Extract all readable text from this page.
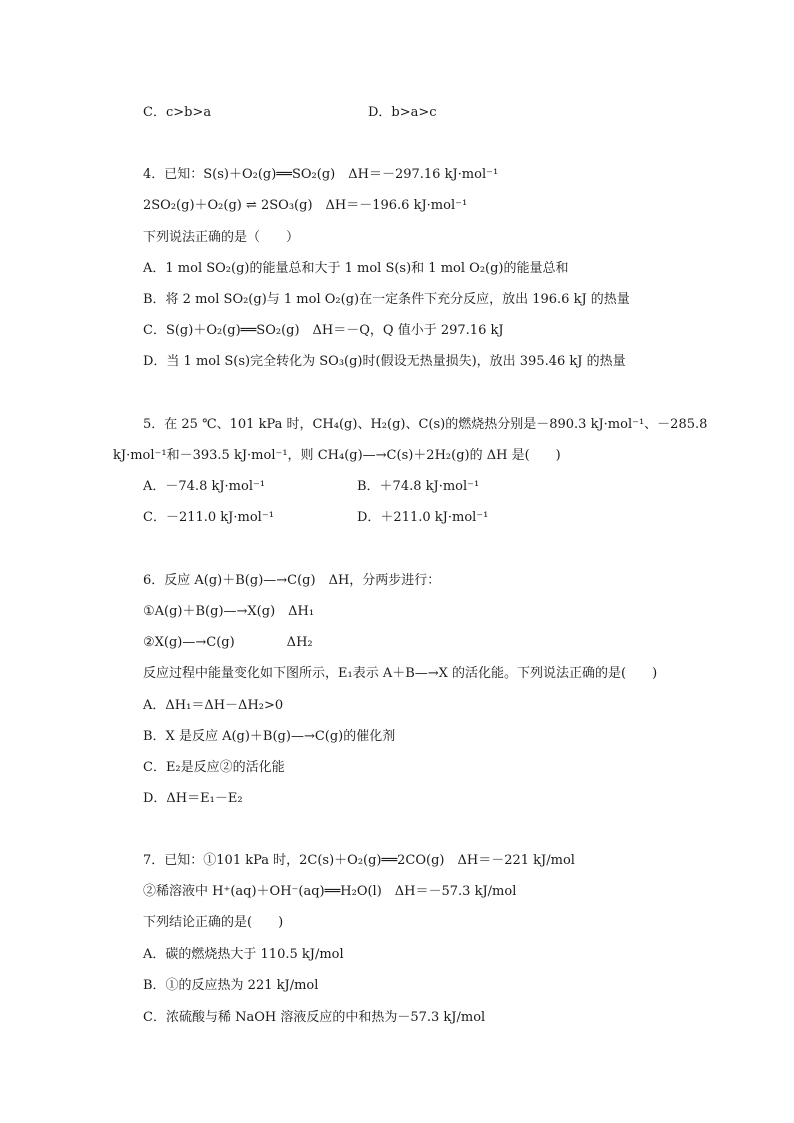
C．c>b>a	D．b>a>c
4．已知：S(s)＋O₂(g)══SO₂(g)　ΔH＝－297.16 kJ·mol⁻¹
2SO₂(g)＋O₂(g) ⇌ 2SO₃(g)　ΔH＝－196.6 kJ·mol⁻¹
下列说法正确的是（　　）
A．1 mol SO₂(g)的能量总和大于 1 mol S(s)和 1 mol O₂(g)的能量总和
B．将 2 mol SO₂(g)与 1 mol O₂(g)在一定条件下充分反应，放出 196.6 kJ 的热量
C．S(g)＋O₂(g)══SO₂(g)　ΔH＝－Q，Q 值小于 297.16 kJ
D．当 1 mol S(s)完全转化为 SO₃(g)时(假设无热量损失)，放出 395.46 kJ 的热量
5．在 25 ℃、101 kPa 时，CH₄(g)、H₂(g)、C(s)的燃烧热分别是－890.3 kJ·mol⁻¹、－285.8
kJ·mol⁻¹和－393.5 kJ·mol⁻¹，则 CH₄(g)—→C(s)＋2H₂(g)的 ΔH 是(　　)
A．－74.8 kJ·mol⁻¹	B．＋74.8 kJ·mol⁻¹
C．－211.0 kJ·mol⁻¹	D．＋211.0 kJ·mol⁻¹
6．反应 A(g)＋B(g)—→C(g)　ΔH，分两步进行：
①A(g)＋B(g)—→X(g)　ΔH₁
②X(g)—→C(g)　　　　ΔH₂
反应过程中能量变化如下图所示，E₁表示 A＋B—→X 的活化能。下列说法正确的是(　　)
A．ΔH₁＝ΔH－ΔH₂>0
B．X 是反应 A(g)＋B(g)—→C(g)的催化剂
C．E₂是反应②的活化能
D．ΔH＝E₁－E₂
7．已知：①101 kPa 时，2C(s)＋O₂(g)══2CO(g)　ΔH＝－221 kJ/mol
②稀溶液中 H⁺(aq)＋OH⁻(aq)══H₂O(l)　ΔH＝－57.3 kJ/mol
下列结论正确的是(　　)
A．碳的燃烧热大于 110.5 kJ/mol
B．①的反应热为 221 kJ/mol
C．浓硫酸与稀 NaOH 溶液反应的中和热为－57.3 kJ/mol
